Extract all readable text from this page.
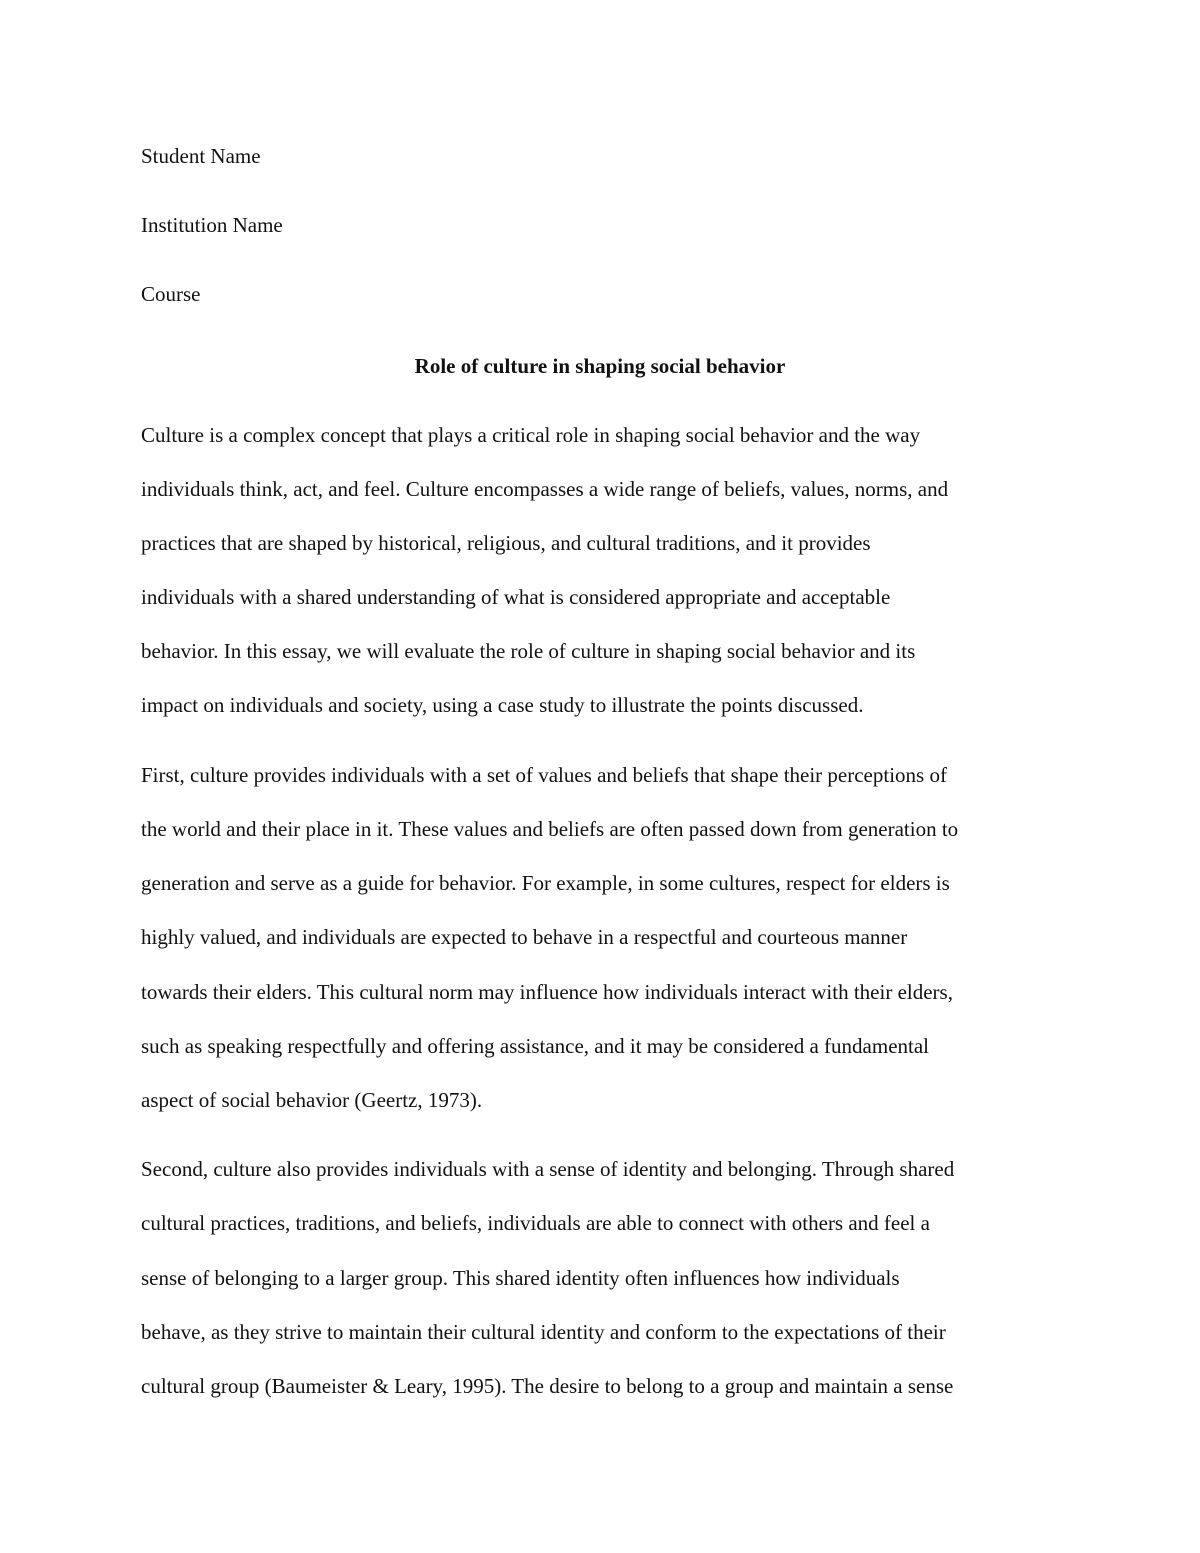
Student Name

Institution Name

Course

Role of culture in shaping social behavior

Culture is a complex concept that plays a critical role in shaping social behavior and the way

individuals think, act, and feel. Culture encompasses a wide range of beliefs, values, norms, and

practices that are shaped by historical, religious, and cultural traditions, and it provides

individuals with a shared understanding of what is considered appropriate and acceptable

behavior. In this essay, we will evaluate the role of culture in shaping social behavior and its

impact on individuals and society, using a case study to illustrate the points discussed.

First, culture provides individuals with a set of values and beliefs that shape their perceptions of

the world and their place in it. These values and beliefs are often passed down from generation to

generation and serve as a guide for behavior. For example, in some cultures, respect for elders is

highly valued, and individuals are expected to behave in a respectful and courteous manner

towards their elders. This cultural norm may influence how individuals interact with their elders,

such as speaking respectfully and offering assistance, and it may be considered a fundamental

aspect of social behavior (Geertz, 1973).

Second, culture also provides individuals with a sense of identity and belonging. Through shared

cultural practices, traditions, and beliefs, individuals are able to connect with others and feel a

sense of belonging to a larger group. This shared identity often influences how individuals

behave, as they strive to maintain their cultural identity and conform to the expectations of their

cultural group (Baumeister & Leary, 1995). The desire to belong to a group and maintain a sense
